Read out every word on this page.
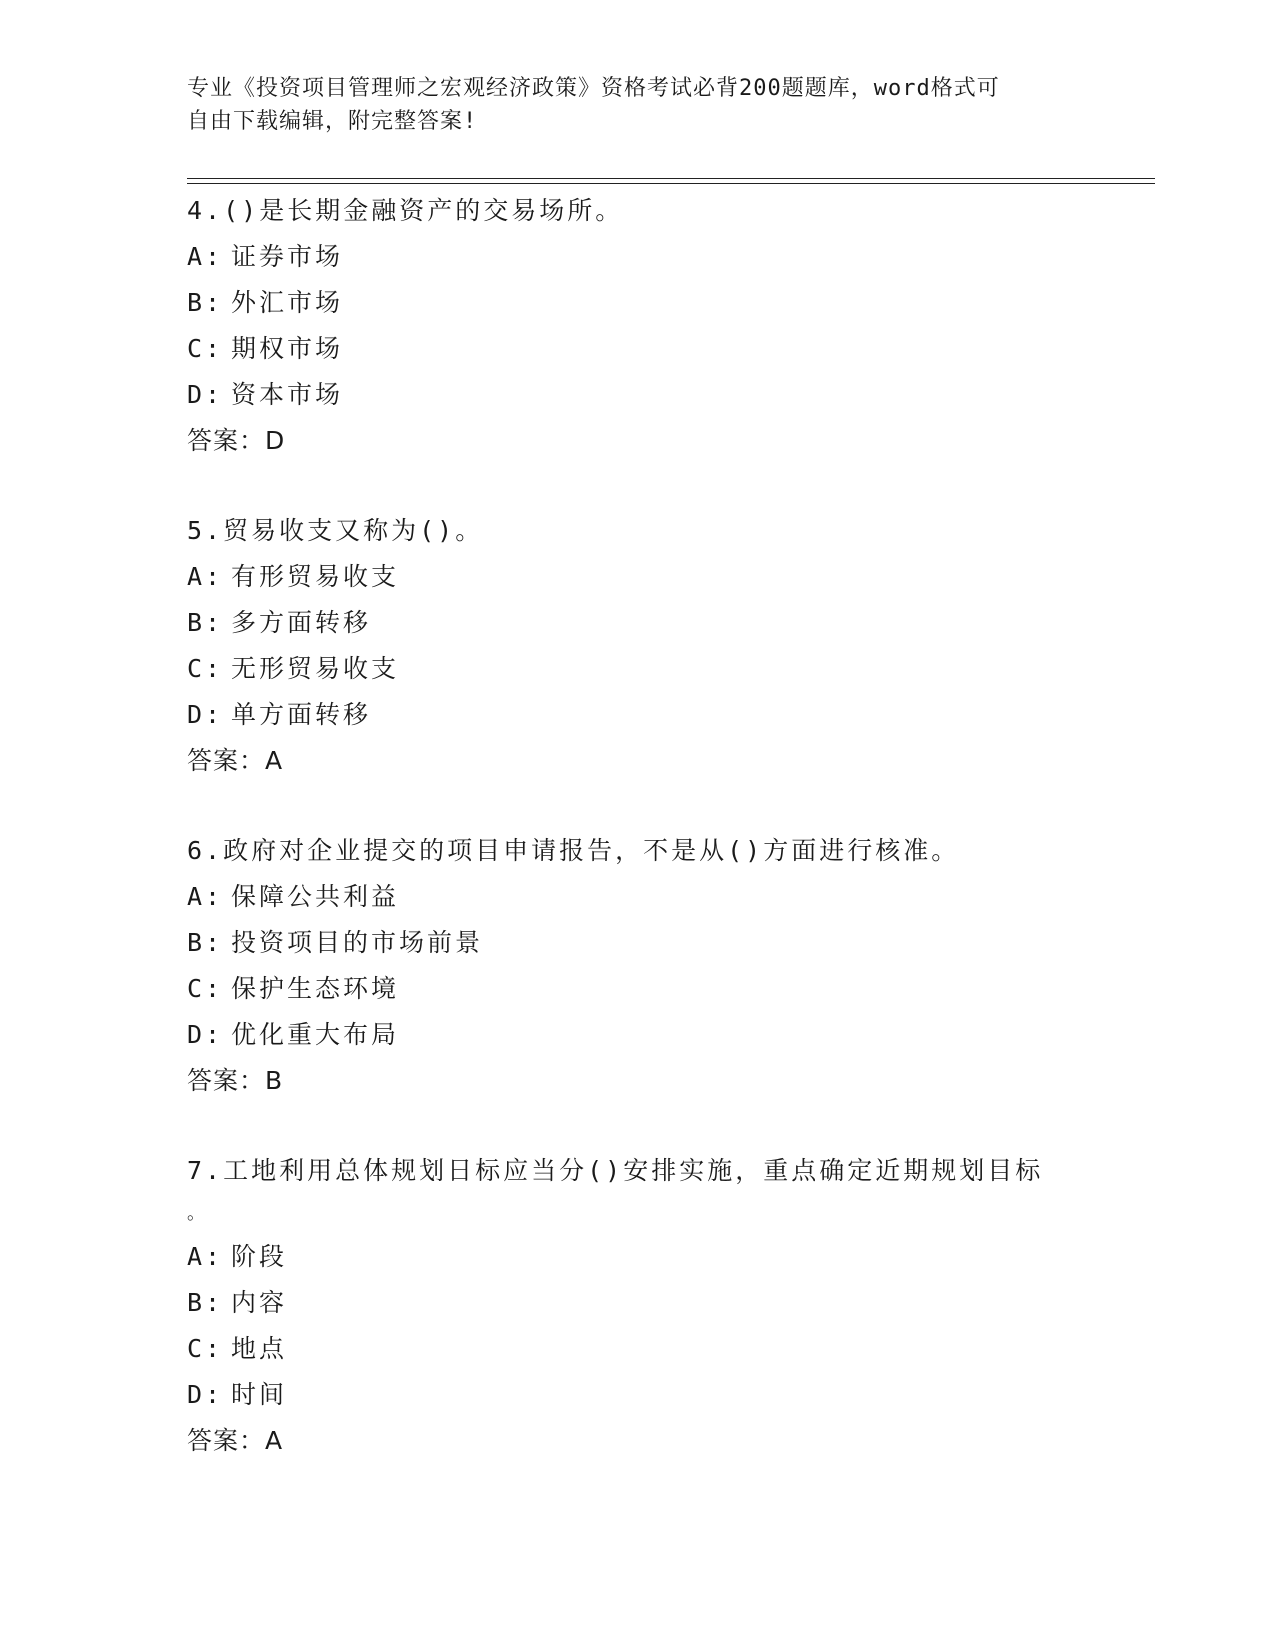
专业《投资项目管理师之宏观经济政策》资格考试必背200题题库，word格式可
自由下载编辑，附完整答案!
4.()是长期金融资产的交易场所。
A: 证券市场
B: 外汇市场
C: 期权市场
D: 资本市场
答案：D
5.贸易收支又称为()。
A: 有形贸易收支
B: 多方面转移
C: 无形贸易收支
D: 单方面转移
答案：A
6.政府对企业提交的项目申请报告，不是从()方面进行核准。
A: 保障公共利益
B: 投资项目的市场前景
C: 保护生态环境
D: 优化重大布局
答案：B
7.工地利用总体规划日标应当分()安排实施，重点确定近期规划目标
。
A: 阶段
B: 内容
C: 地点
D: 时间
答案：A
